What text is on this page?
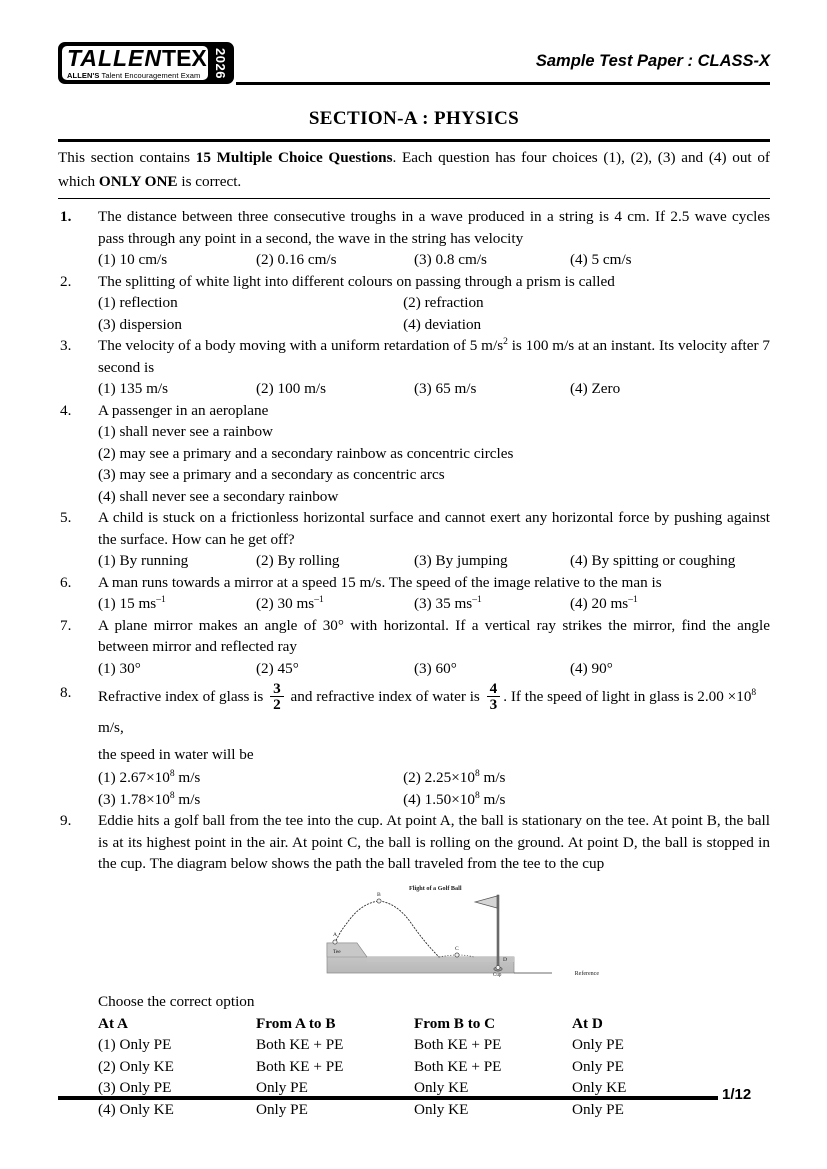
TALLENTEX
ALLEN'S Talent Encouragement Exam 2026	Sample Test Paper : CLASS-X
SECTION-A : PHYSICS
This section contains 15 Multiple Choice Questions. Each question has four choices (1), (2), (3) and (4) out of which ONLY ONE is correct.
1.	The distance between three consecutive troughs in a wave produced in a string is 4 cm. If 2.5 wave cycles pass through any point in a second, the wave in the string has velocity
(1) 10 cm/s	(2) 0.16 cm/s	(3) 0.8 cm/s	(4) 5 cm/s
2.	The splitting of white light into different colours on passing through a prism is called
(1) reflection	(2) refraction
(3) dispersion	(4) deviation
3.	The velocity of a body moving with a uniform retardation of 5 $m/s^2$ is 100 m/s at an instant. Its velocity after 7 second is
(1) 135 m/s	(2) 100 m/s	(3) 65 m/s	(4) Zero
4.	A passenger in an aeroplane
(1) shall never see a rainbow
(2) may see a primary and a secondary rainbow as concentric circles
(3) may see a primary and a secondary as concentric arcs
(4) shall never see a secondary rainbow
5.	A child is stuck on a frictionless horizontal surface and cannot exert any horizontal force by pushing against the surface. How can he get off?
(1) By running	(2) By rolling	(3) By jumping	(4) By spitting or coughing
6.	A man runs towards a mirror at a speed 15 m/s. The speed of the image relative to the man is
(1) 15 $ms^{-1}$	(2) 30 $ms^{-1}$	(3) 35 $ms^{-1}$	(4) 20 $ms^{-1}$
7.	A plane mirror makes an angle of 30° with horizontal. If a vertical ray strikes the mirror, find the angle between mirror and reflected ray
(1) 30°	(2) 45°	(3) 60°	(4) 90°
8.	Refractive index of glass is $\frac{3}{2}$ and refractive index of water is $\frac{4}{3}$ . If the speed of light in glass is $2.00 \times 10^8$ m/s,
the speed in water will be
(1) $2.67\times 10^8$ m/s	(2) $2.25\times 10^8$ m/s
(3) $1.78\times 10^8$ m/s	(4) $1.50\times 10^8$ m/s
9.	Eddie hits a golf ball from the tee into the cup. At point A, the ball is stationary on the tee. At point B, the ball is at its highest point in the air. At point C, the ball is rolling on the ground. At point D, the ball is stopped in the cup. The diagram below shows the path the ball traveled from the tee to the cup
Flight of a Golf Ball
Reference
A
B
C
Tee
D
Cup
Choose the correct option
At A	From A to B	From B to C	At D
(1) Only PE	Both KE + PE	Both KE + PE	Only PE
(2) Only KE	Both KE + PE	Both KE + PE	Only PE
(3) Only PE	Only PE	Only KE	Only KE
(4) Only KE	Only PE	Only KE	Only PE
1/12
